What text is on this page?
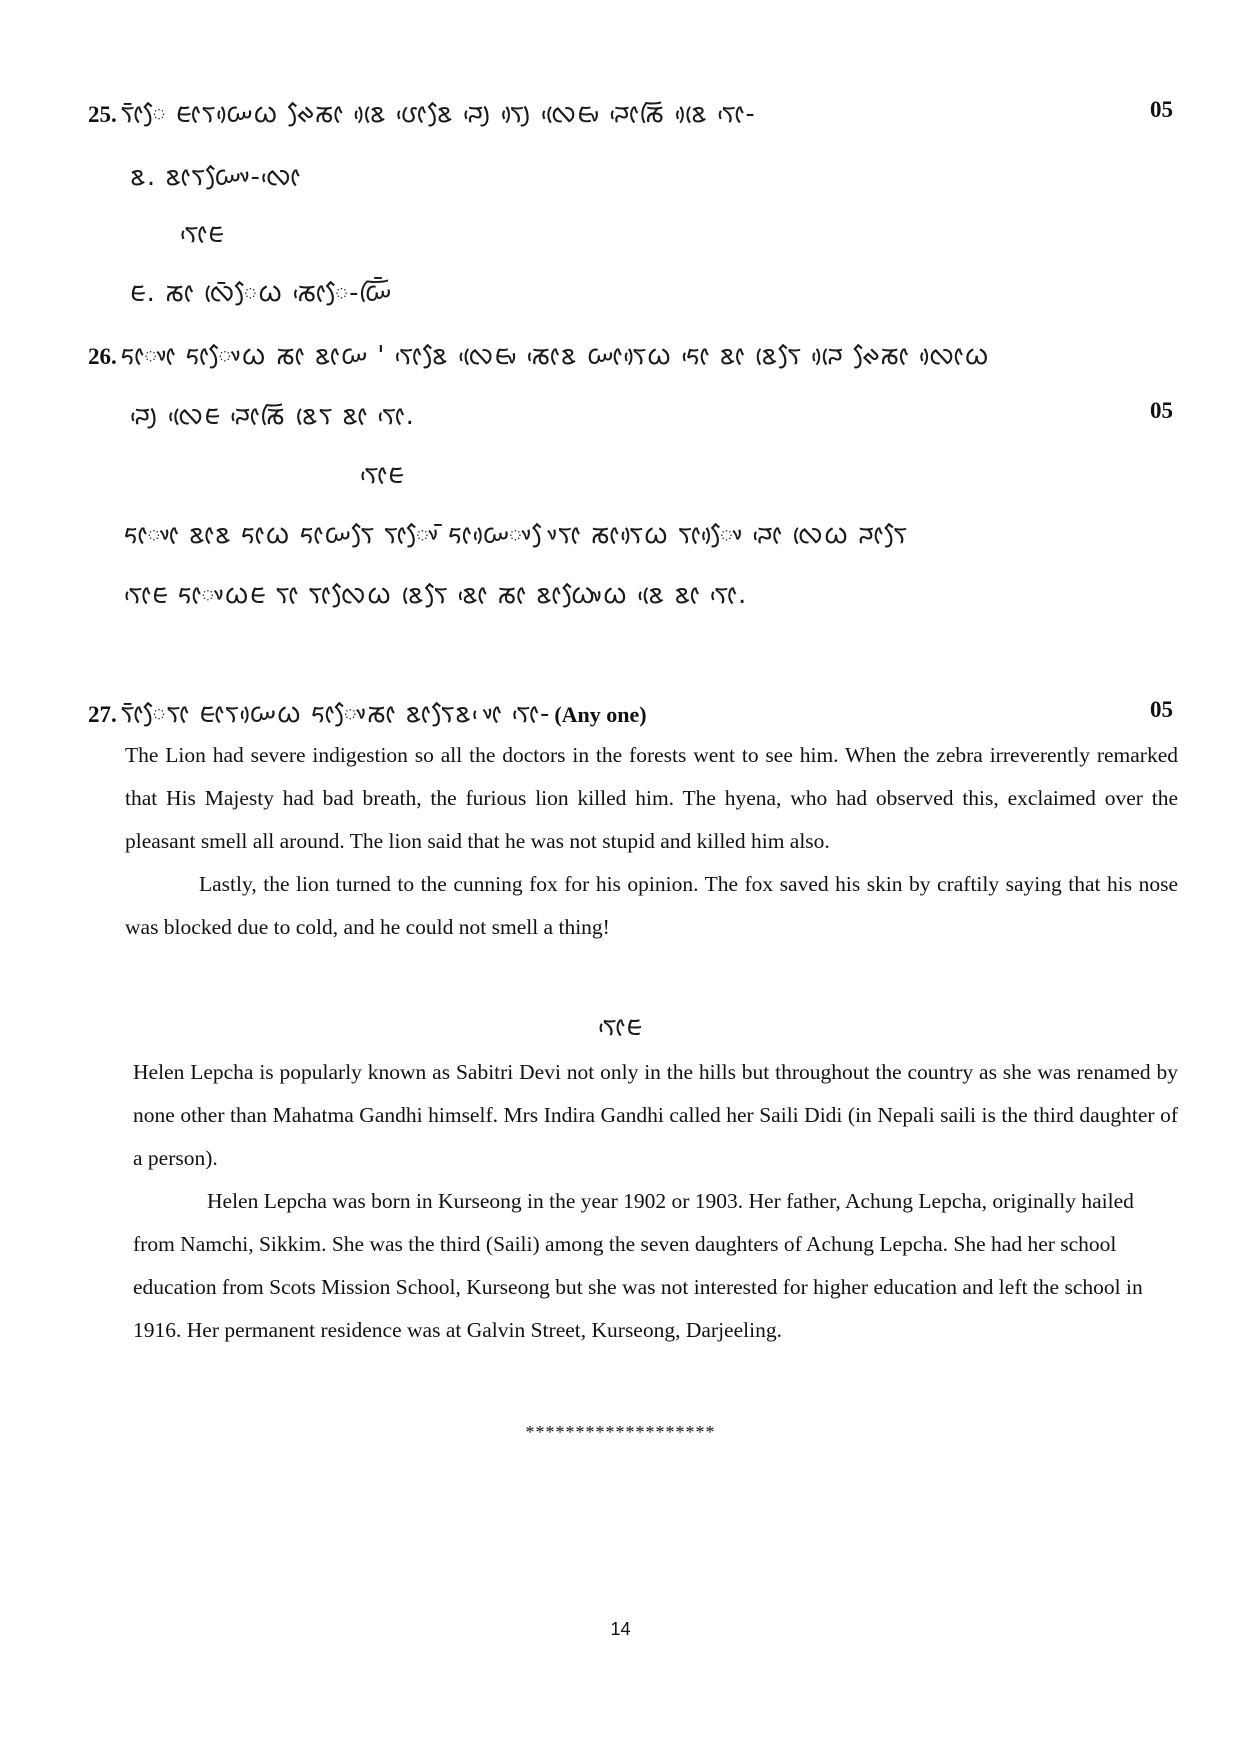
25. ᰛᰦᰳᰧ ᰀᰦᰛᰠᰴᰃ ᰊᰧᰕᰦ ᰣᰨᰴ ᰂᰦᰵᰣᰧ ᰎᰪᰵ ᰛᰪᰴ ᰜᰨᰵᰀᰤ ᰎᰦᰵᰕᰩ ᰣᰨᰴ ᰛᰦᰵ-	05
ᰣ. ᰣᰦᰛᰠᰤᰧ-ᰜᰦᰵ
ᰛᰦᰵᰀ
ᰀ. ᰕᰦ ᰜᰨᰳᰧᰃ ᰕᰦᰵᰧ-ᰠᰩᰳ
26. ᰁᰦᰤᰦ ᰁᰦᰤᰧᰃ ᰕᰦ ᰣᰦᰠ ' ᰛᰦᰵᰣᰧ ᰜᰨᰵᰀᰤ ᰕᰦᰵᰣ ᰠᰦᰛᰴᰃ ᰁᰦᰵ ᰣᰦ ᰣᰨᰛᰧ ᰎᰨᰴ ᰊᰧᰕᰦ ᰜᰦᰴᰃ
ᰎᰪᰵ ᰜᰨᰵᰀ ᰎᰦᰵᰕᰩ ᰣᰨᰛ ᰣᰦ ᰛᰦᰵ.	05
ᰛᰦᰵᰀ
ᰁᰦᰤᰦ ᰣᰦᰣ ᰁᰦᰃ ᰁᰦᰠᰛᰧ ᰛᰦᰤᰧᰳ ᰁᰦᰠᰴᰤ ᰤᰧᰛᰦ ᰕᰦᰛᰴᰃ ᰛᰦᰤᰧᰴ ᰎᰦᰵ ᰜᰨᰃ ᰎᰦᰛᰧ
ᰛᰦᰵᰀ ᰁᰦᰤᰃᰀ ᰛᰦ ᰛᰦᰜᰧᰃ ᰣᰨᰛᰧ ᰣᰦᰵ ᰕᰦ ᰣᰦᰃᰤᰧᰃ ᰣᰨᰵ ᰣᰦ ᰛᰦᰵ.
27. ᰛᰦᰳᰧᰛᰦ ᰀᰦᰛᰠᰴᰃ ᰁᰦᰤᰧᰕᰦ ᰣᰦᰛᰧᰣ ᰤᰦᰵ ᰛᰦᰵ- (Any one)	05

The Lion had severe indigestion so all the doctors in the forests went to see him. When the zebra irreverently remarked that His Majesty had bad breath, the furious lion killed him. The hyena, who had observed this, exclaimed over the pleasant smell all around. The lion said that he was not stupid and killed him also.

Lastly, the lion turned to the cunning fox for his opinion. The fox saved his skin by craftily saying that his nose was blocked due to cold, and he could not smell a thing!

ᰛᰦᰵᰀ

Helen Lepcha is popularly known as Sabitri Devi not only in the hills but throughout the country as she was renamed by none other than Mahatma Gandhi himself. Mrs Indira Gandhi called her Saili Didi (in Nepali saili is the third daughter of a person).

Helen Lepcha was born in Kurseong in the year 1902 or 1903. Her father, Achung Lepcha, originally hailed from Namchi, Sikkim. She was the third (Saili) among the seven daughters of Achung Lepcha. She had her school education from Scots Mission School, Kurseong but she was not interested for higher education and left the school in 1916. Her permanent residence was at Galvin Street, Kurseong, Darjeeling.

*******************
14
